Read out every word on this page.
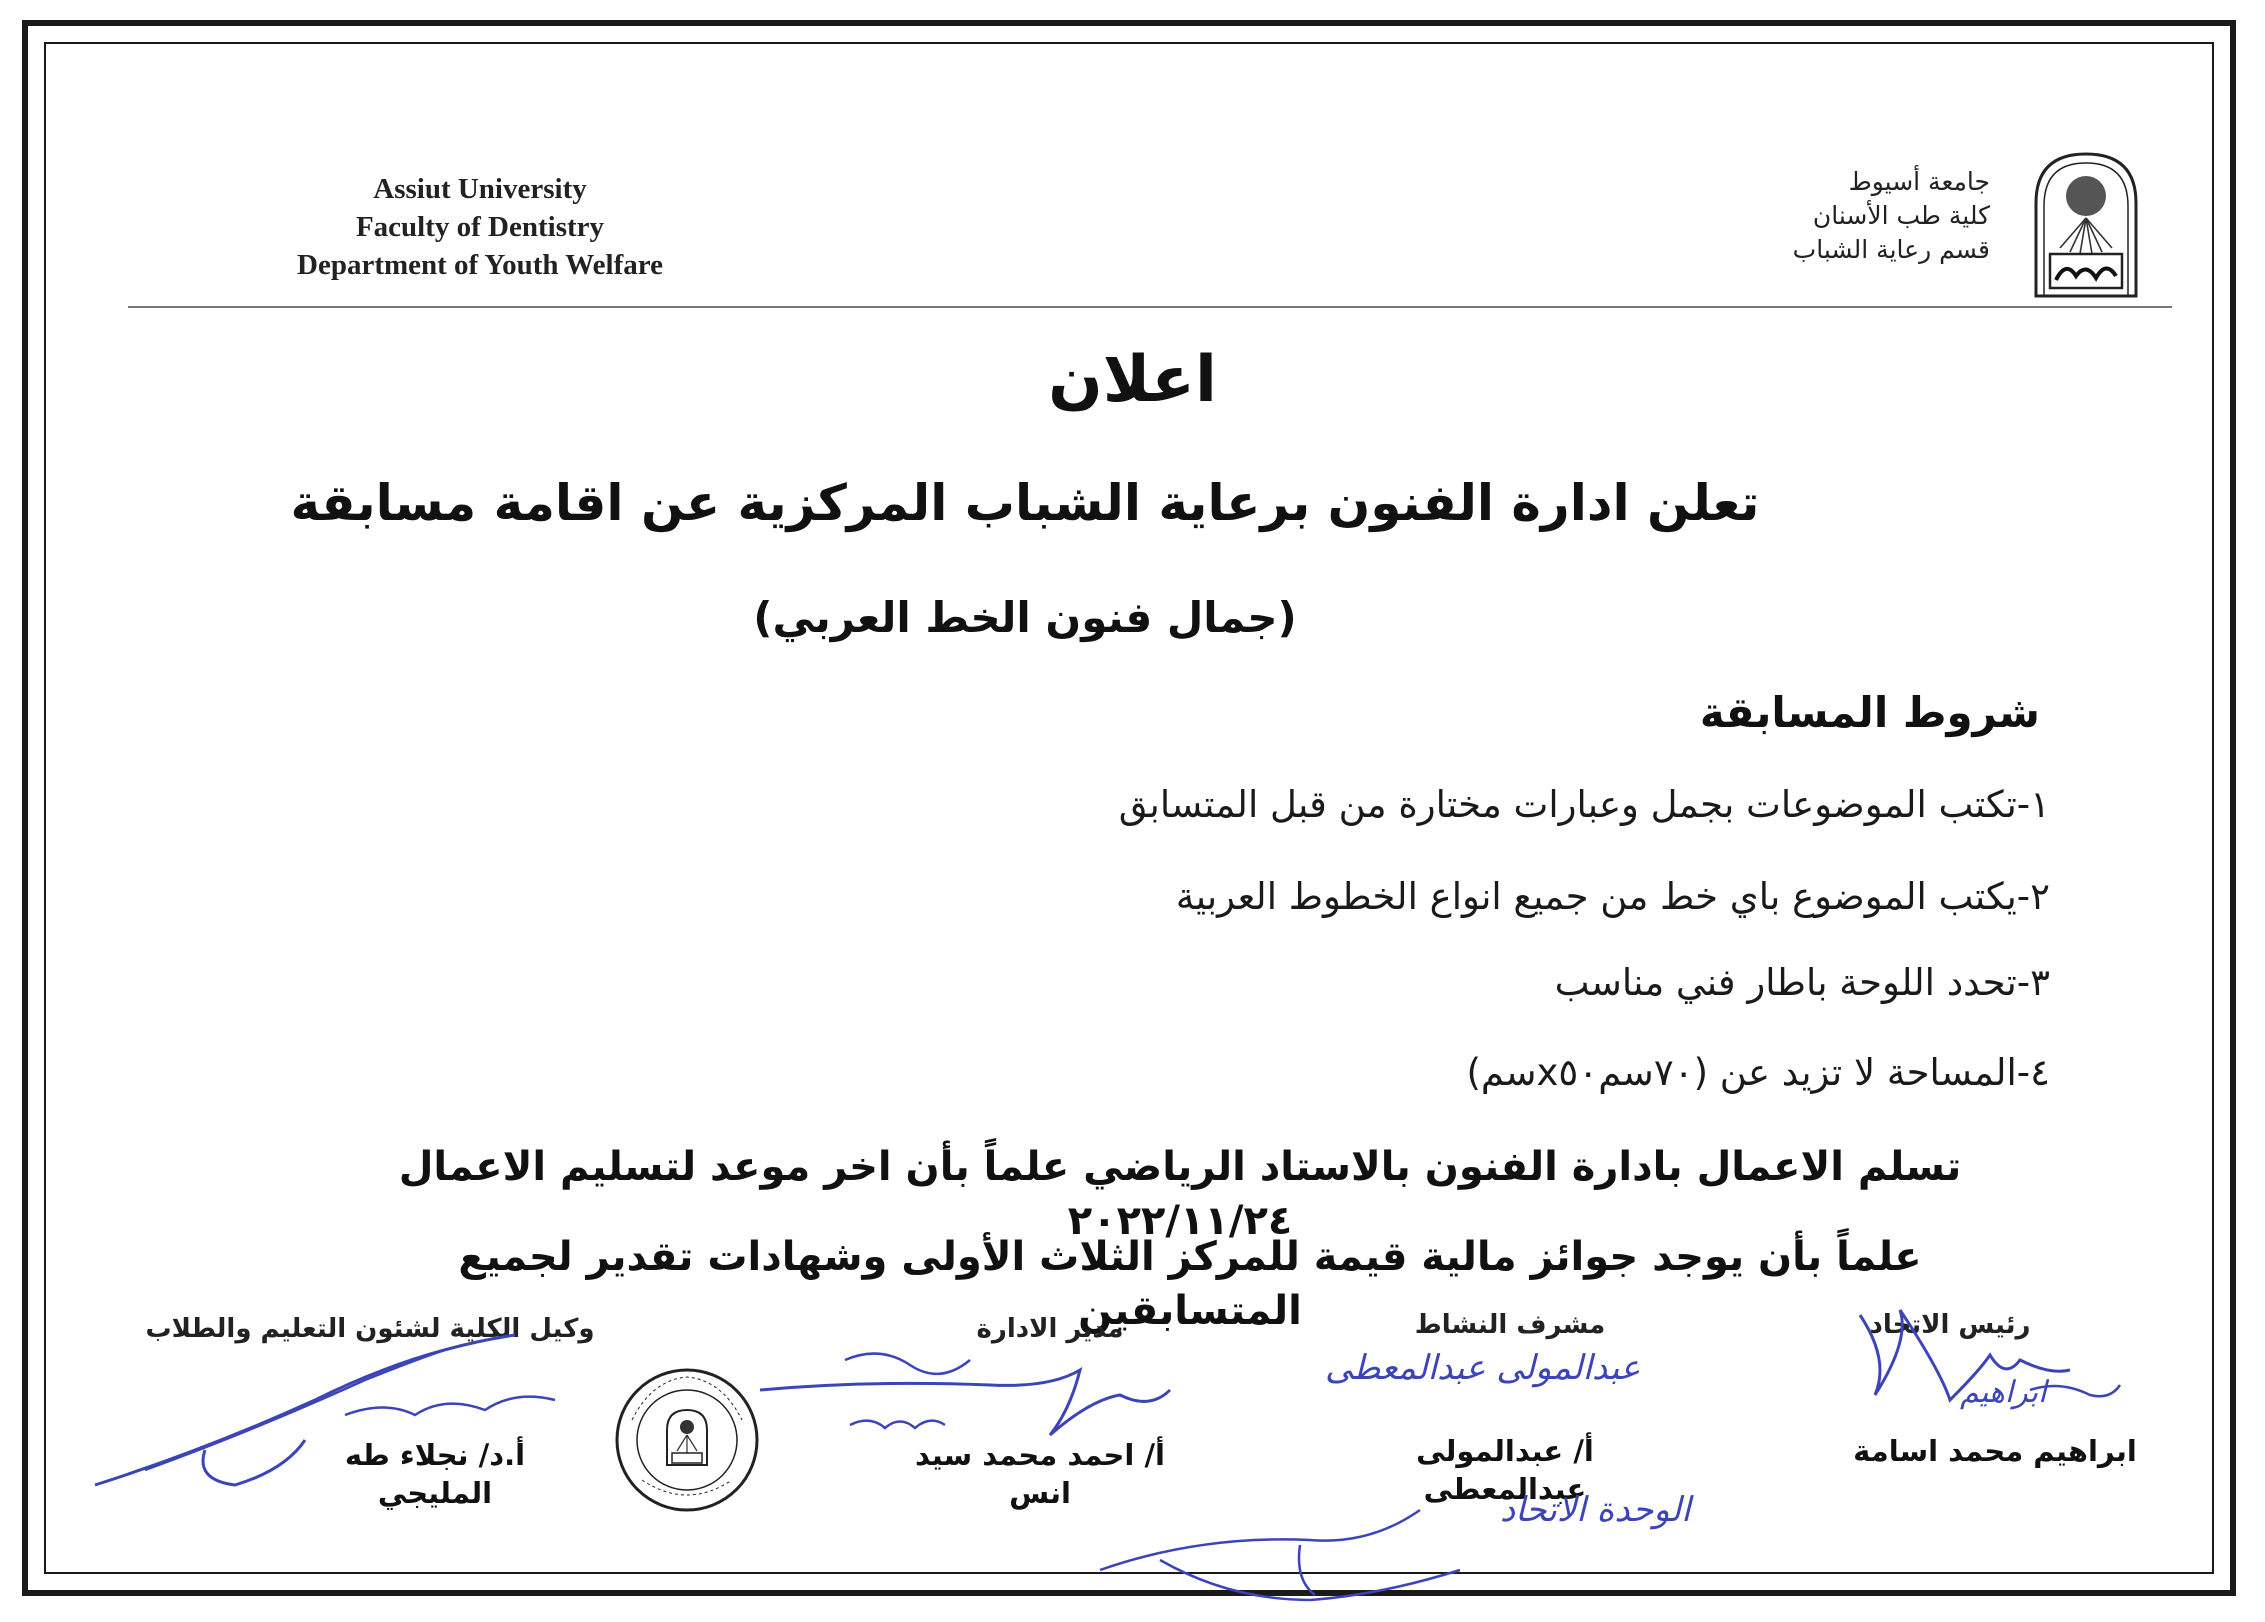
Assiut University
Faculty of Dentistry
Department of Youth Welfare
جامعة أسيوط
كلية طب الأسنان
قسم رعاية الشباب
اعلان
تعلن ادارة الفنون برعاية الشباب المركزية عن اقامة مسابقة
(جمال فنون الخط العربي)
شروط المسابقة
١-تكتب الموضوعات بجمل وعبارات مختارة من قبل المتسابق
٢-يكتب الموضوع باي خط من جميع انواع الخطوط العربية
٣-تحدد اللوحة باطار فني مناسب
٤-المساحة لا تزيد عن (٧٠سمx٥٠سم)
تسلم الاعمال بادارة الفنون بالاستاد الرياضي علماً بأن اخر موعد لتسليم الاعمال ٢٠٢٢/١١/٢٤
علماً بأن يوجد جوائز مالية قيمة للمركز الثلاث الأولى وشهادات تقدير لجميع المتسابقين	رئيس الاتحاد
مشرف النشاط
مدير الادارة
وكيل الكلية لشئون التعليم والطلاب
ابراهيم محمد اسامة
أ/ عبدالمولى عبدالمعطى
أ/ احمد محمد سيد انس
أ.د/ نجلاء طه المليجي
عبدالمولى عبدالمعطى
ابراهيم
الوحدة الاتحاد
